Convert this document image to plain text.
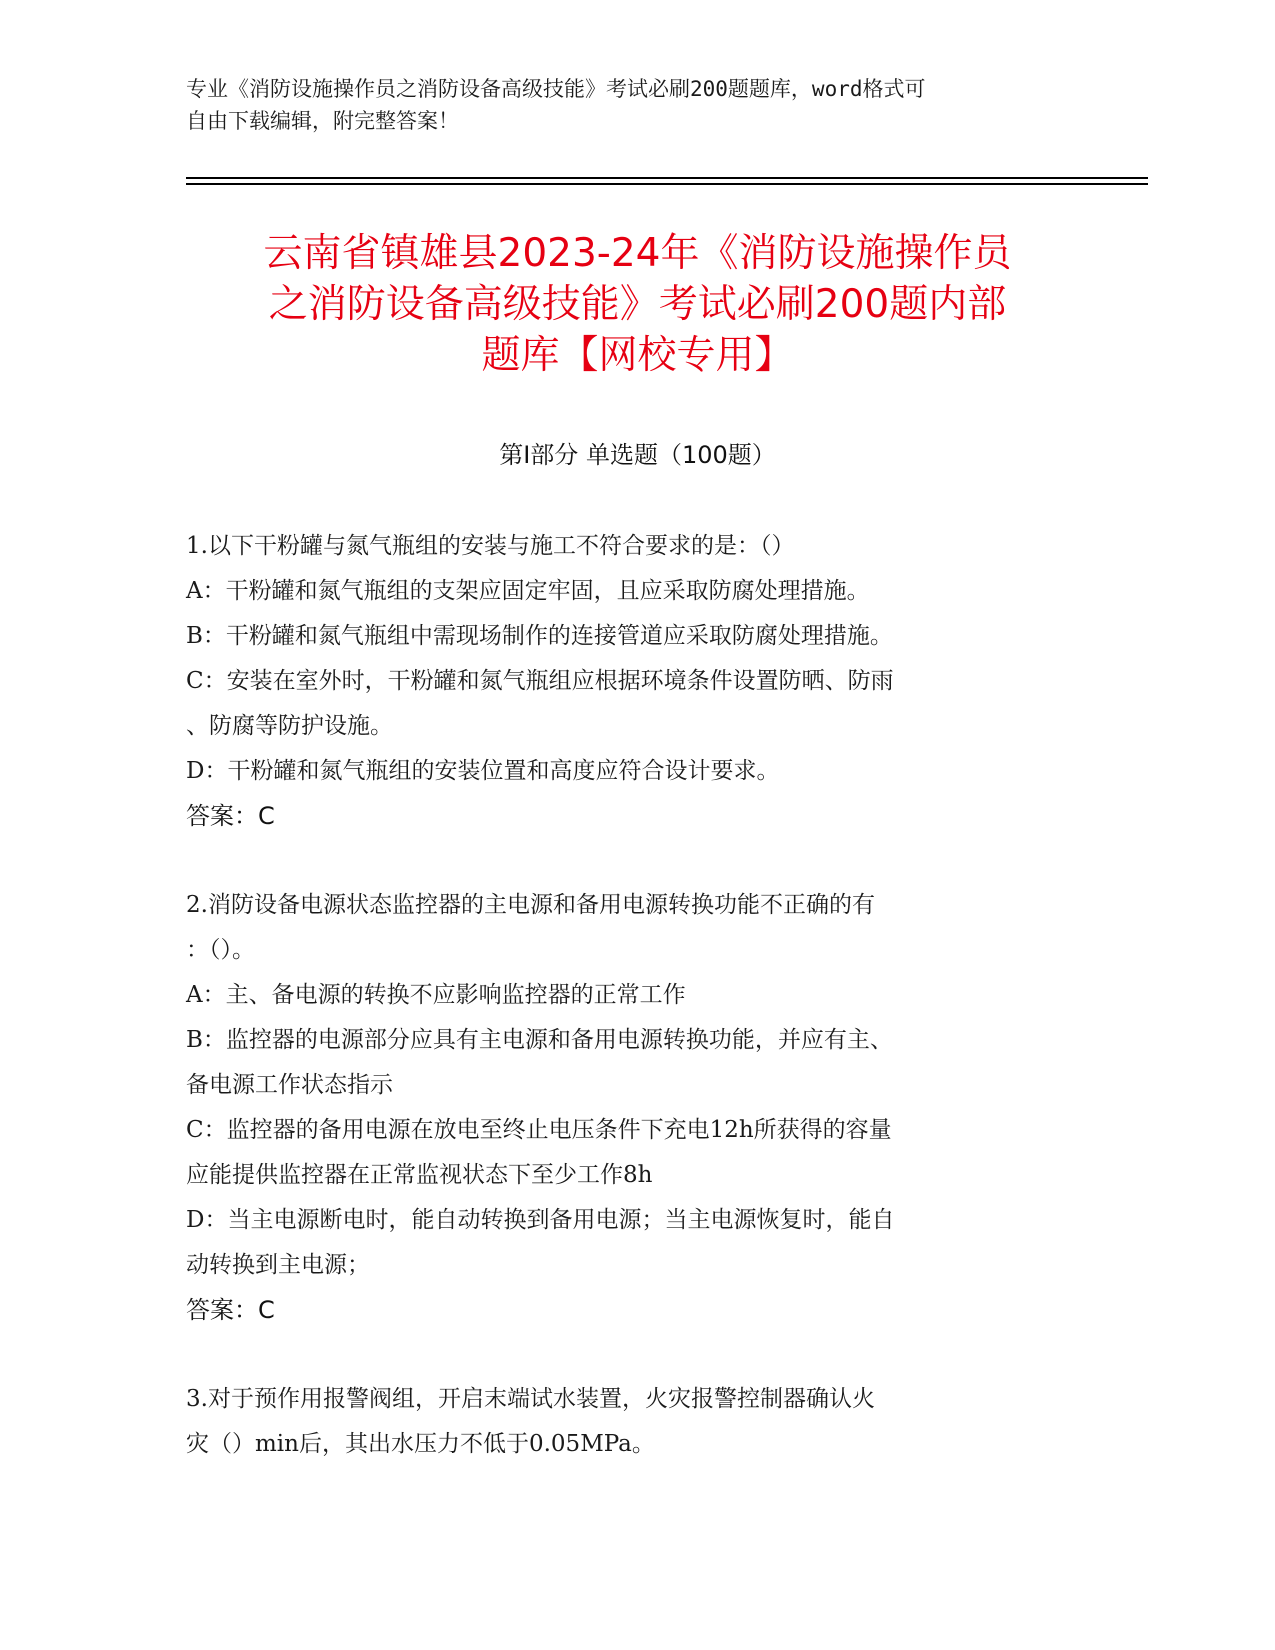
专业《消防设施操作员之消防设备高级技能》考试必刷200题题库，word格式可
自由下载编辑，附完整答案！
云南省镇雄县2023-24年《消防设施操作员
之消防设备高级技能》考试必刷200题内部
题库【网校专用】
第I部分 单选题（100题）
1.以下干粉罐与氮气瓶组的安装与施工不符合要求的是：（）
A：干粉罐和氮气瓶组的支架应固定牢固，且应采取防腐处理措施。
B：干粉罐和氮气瓶组中需现场制作的连接管道应采取防腐处理措施。
C：安装在室外时，干粉罐和氮气瓶组应根据环境条件设置防晒、防雨
、防腐等防护设施。
D：干粉罐和氮气瓶组的安装位置和高度应符合设计要求。
答案：C
2.消防设备电源状态监控器的主电源和备用电源转换功能不正确的有
：（）。
A：主、备电源的转换不应影响监控器的正常工作
B：监控器的电源部分应具有主电源和备用电源转换功能，并应有主、
备电源工作状态指示
C：监控器的备用电源在放电至终止电压条件下充电12h所获得的容量
应能提供监控器在正常监视状态下至少工作8h
D：当主电源断电时，能自动转换到备用电源；当主电源恢复时，能自
动转换到主电源；
答案：C
3.对于预作用报警阀组，开启末端试水装置，火灾报警控制器确认火
灾（）min后，其出水压力不低于0.05MPa。
